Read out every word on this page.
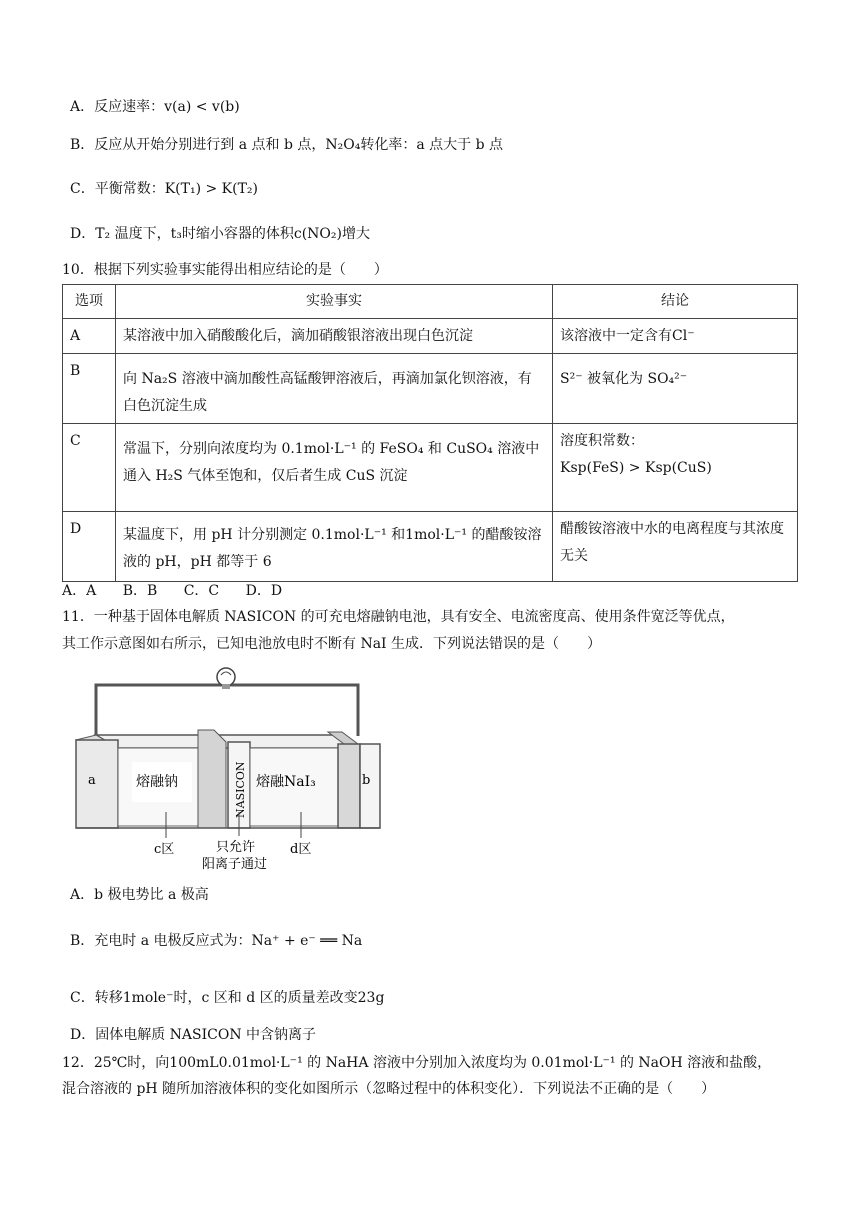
A．反应速率：v(a) < v(b)
B．反应从开始分别进行到 a 点和 b 点，N₂O₄转化率：a 点大于 b 点
C．平衡常数：K(T₁) > K(T₂)
D．T₂ 温度下，t₃时缩小容器的体积c(NO₂)增大
10．根据下列实验事实能得出相应结论的是（　　）
选项	实验事实	结论
A	某溶液中加入硝酸酸化后，滴加硝酸银溶液出现白色沉淀	该溶液中一定含有Cl⁻
B	向 Na₂S 溶液中滴加酸性高锰酸钾溶液后，再滴加氯化钡溶液，有白色沉淀生成	S²⁻ 被氧化为 SO₄²⁻
C	常温下，分别向浓度均为 0.1mol·L⁻¹ 的 FeSO₄ 和 CuSO₄ 溶液中通入 H₂S 气体至饱和，仅后者生成 CuS 沉淀	溶度积常数：
Ksp(FeS) > Ksp(CuS)
D	某温度下，用 pH 计分别测定 0.1mol·L⁻¹ 和1mol·L⁻¹ 的醋酸铵溶液的 pH，pH 都等于 6	醋酸铵溶液中水的电离程度与其浓度无关
A．A B．B C．C D．D
11．一种基于固体电解质 NASICON 的可充电熔融钠电池，具有安全、电流密度高、使用条件宽泛等优点，
其工作示意图如右所示，已知电池放电时不断有 NaI 生成．下列说法错误的是（　　）
a	熔融钠	NASICON 熔融NaI₃	b
c区	只允许
阳离子通过
d区
A．b 极电势比 a 极高
B．充电时 a 电极反应式为：Na⁺ + e⁻ ══ Na
C．转移1mole⁻时，c 区和 d 区的质量差改变23g
D．固体电解质 NASICON 中含钠离子
12．25℃时，向100mL0.01mol·L⁻¹ 的 NaHA 溶液中分别加入浓度均为 0.01mol·L⁻¹ 的 NaOH 溶液和盐酸，
混合溶液的 pH 随所加溶液体积的变化如图所示（忽略过程中的体积变化）．下列说法不正确的是（　　）
